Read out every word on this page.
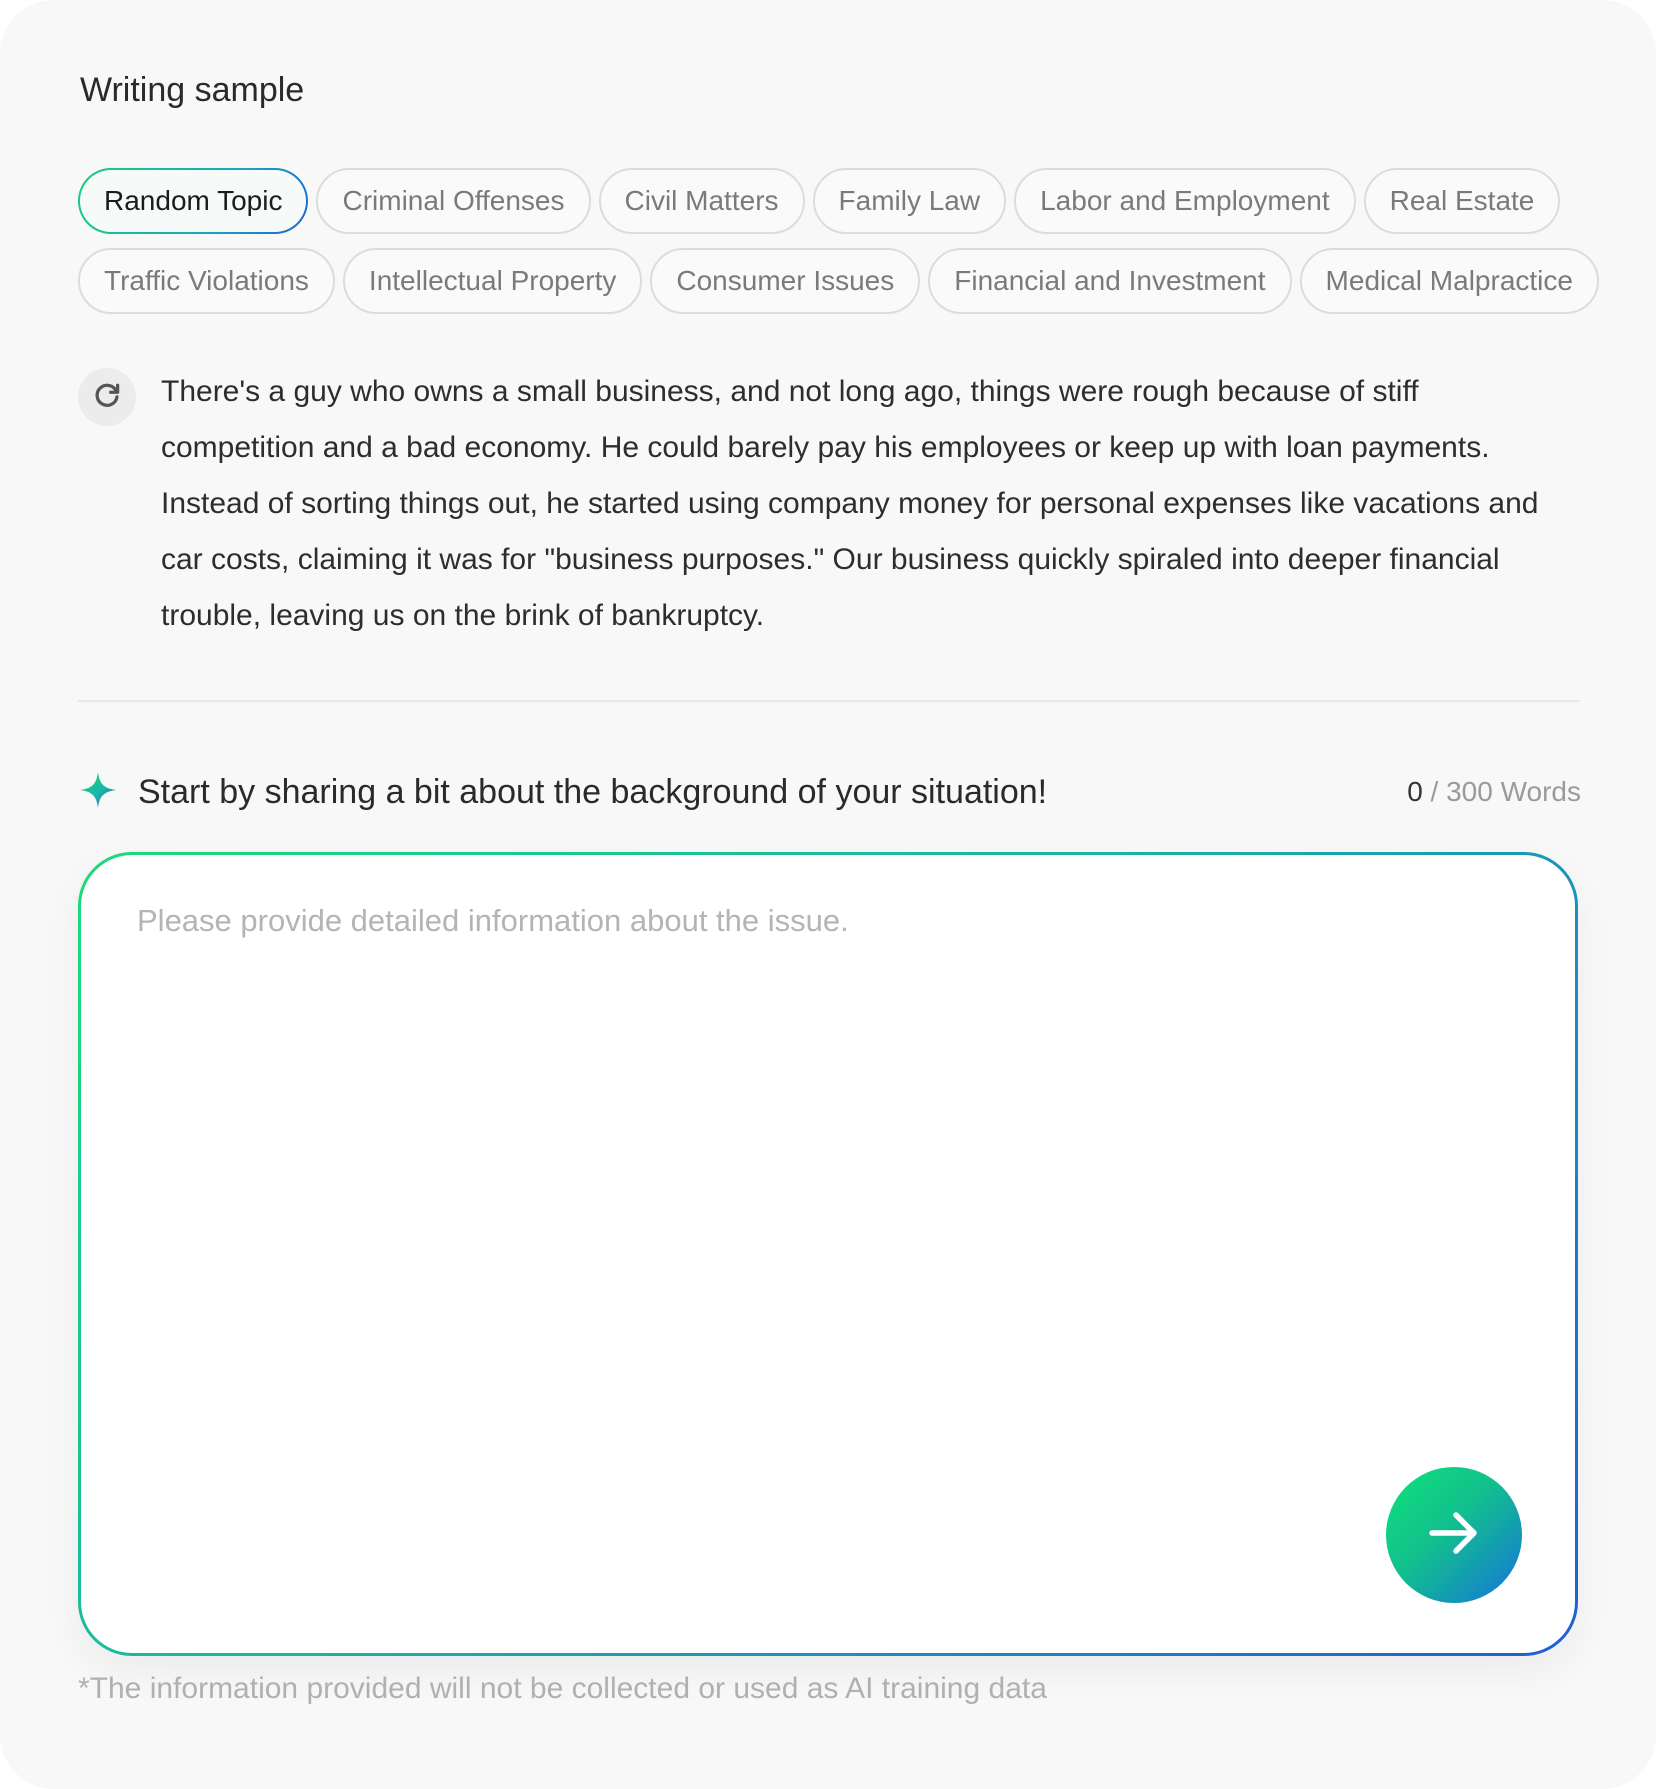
Writing sample
Random Topic	Criminal Offenses	Civil Matters	Family Law	Labor and Employment	Real Estate
Traffic Violations	Intellectual Property	Consumer Issues	Financial and Investment	Medical Malpractice
There's a guy who owns a small business, and not long ago, things were rough because of stiff competition and a bad economy. He could barely pay his employees or keep up with loan payments. Instead of sorting things out, he started using company money for personal expenses like vacations and car costs, claiming it was for "business purposes." Our business quickly spiraled into deeper financial trouble, leaving us on the brink of bankruptcy.
Start by sharing a bit about the background of your situation!	0 / 300 Words
Please provide detailed information about the issue.
*The information provided will not be collected or used as AI training data
